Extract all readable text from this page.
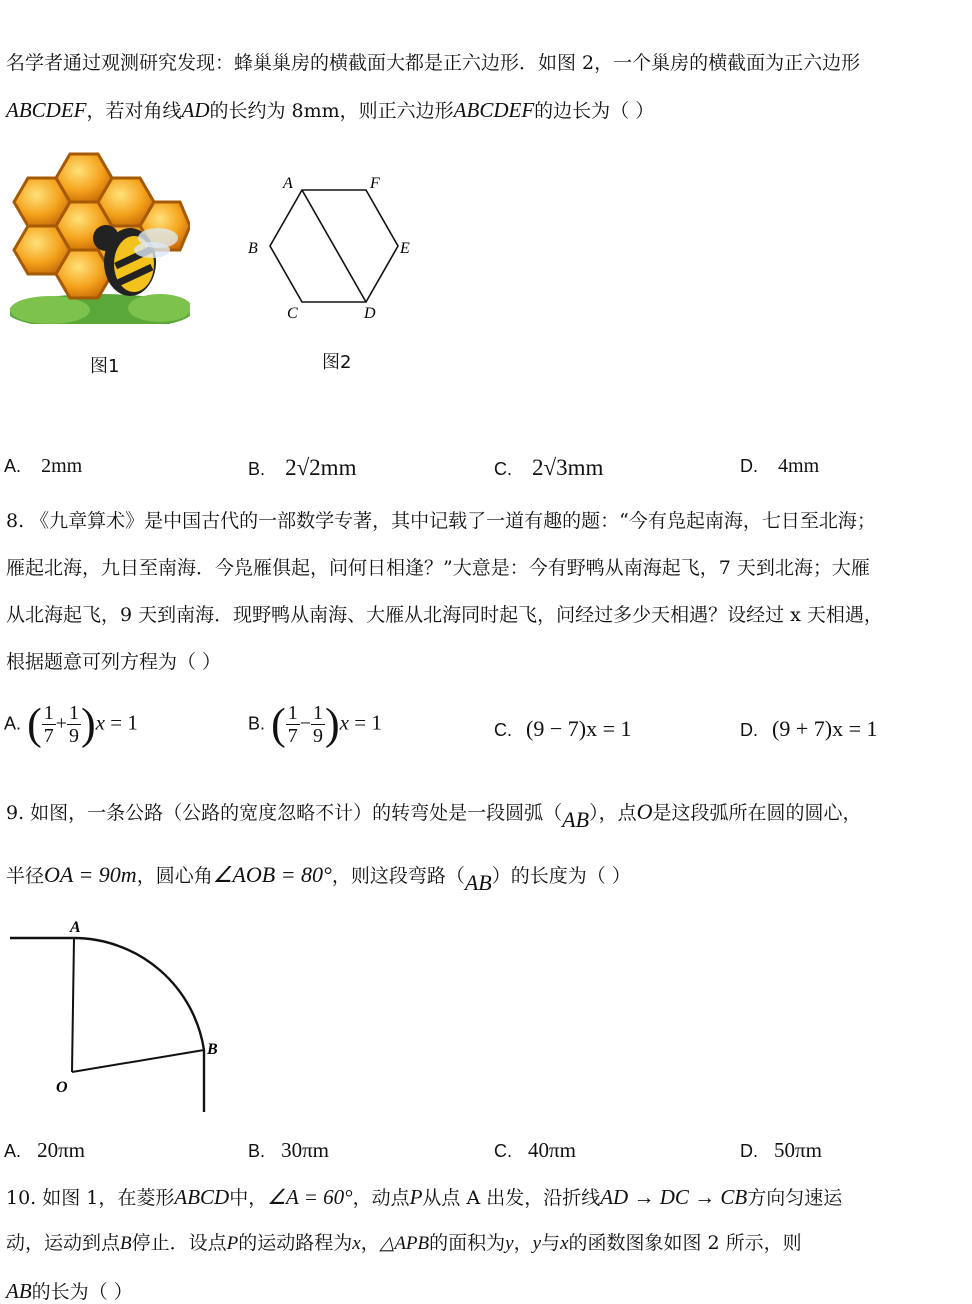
名学者通过观测研究发现：蜂巢巢房的横截面大都是正六边形．如图 2，一个巢房的横截面为正六边形
ABCDEF，若对角线AD的长约为 8mm，则正六边形ABCDEF的边长为（ ）
图1
A	F
B	E
C	D
图2
A. 2mm	B. 2√2mm	C. 2√3mm	D. 4mm
8. 《九章算术》是中国古代的一部数学专著，其中记载了一道有趣的题：“今有凫起南海，七日至北海；
雁起北海，九日至南海．今凫雁俱起，问何日相逢？”大意是：今有野鸭从南海起飞，7 天到北海；大雁
从北海起飞，9 天到南海．现野鸭从南海、大雁从北海同时起飞，问经过多少天相遇？设经过 x 天相遇，
根据题意可列方程为（ ）
A. ( $\frac{1}{7} + \frac{1}{9} )x = 1$	B. ( $\frac{1}{7} - \frac{1}{9} )x = 1$	C. (9 − 7)x = 1	D. (9 + 7)x = 1
9. 如图，一条公路（公路的宽度忽略不计）的转弯处是一段圆弧（AB），点O是这段弧所在圆的圆心，
半径OA = 90m，圆心角∠AOB = 80°，则这段弯路（AB）的长度为（ ）
A
B
O
A. 20πm	B. 30πm	C. 40πm	D. 50πm
10. 如图 1，在菱形ABCD中，∠A = 60°，动点P从点 A 出发，沿折线AD → DC → CB方向匀速运
动，运动到点B停止．设点P的运动路程为x，△APB的面积为y，y与x的函数图象如图 2 所示，则
AB的长为（ ）
